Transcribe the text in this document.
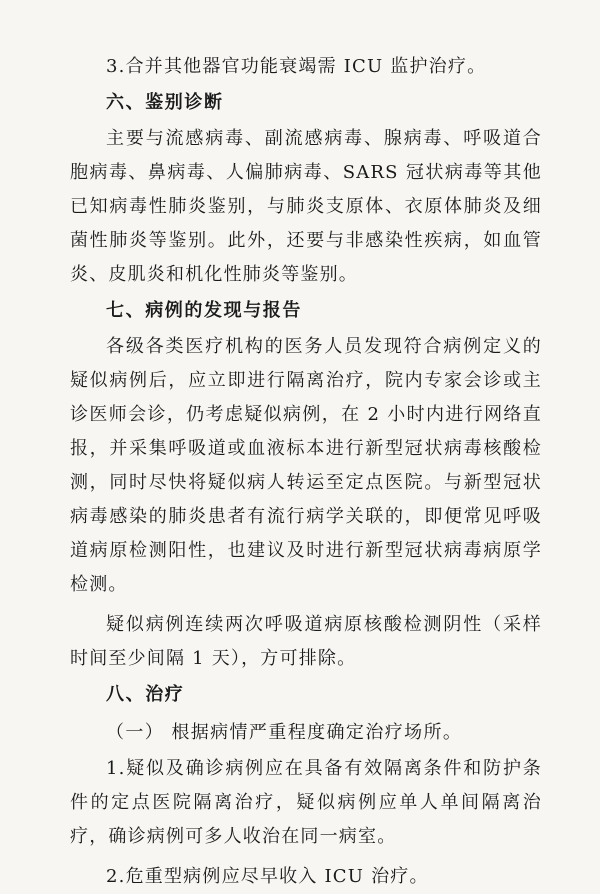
3.合并其他器官功能衰竭需 ICU 监护治疗。

六、鉴别诊断

主要与流感病毒、副流感病毒、腺病毒、呼吸道合胞病毒、鼻病毒、人偏肺病毒、SARS 冠状病毒等其他已知病毒性肺炎鉴别，与肺炎支原体、衣原体肺炎及细菌性肺炎等鉴别。此外，还要与非感染性疾病，如血管炎、皮肌炎和机化性肺炎等鉴别。

七、病例的发现与报告

各级各类医疗机构的医务人员发现符合病例定义的疑似病例后，应立即进行隔离治疗，院内专家会诊或主诊医师会诊，仍考虑疑似病例，在 2 小时内进行网络直报，并采集呼吸道或血液标本进行新型冠状病毒核酸检测，同时尽快将疑似病人转运至定点医院。与新型冠状病毒感染的肺炎患者有流行病学关联的，即便常见呼吸道病原检测阳性，也建议及时进行新型冠状病毒病原学检测。

疑似病例连续两次呼吸道病原核酸检测阴性（采样时间至少间隔 1 天），方可排除。

八、治疗

（一） 根据病情严重程度确定治疗场所。

1.疑似及确诊病例应在具备有效隔离条件和防护条件的定点医院隔离治疗，疑似病例应单人单间隔离治疗，确诊病例可多人收治在同一病室。

2.危重型病例应尽早收入 ICU 治疗。
